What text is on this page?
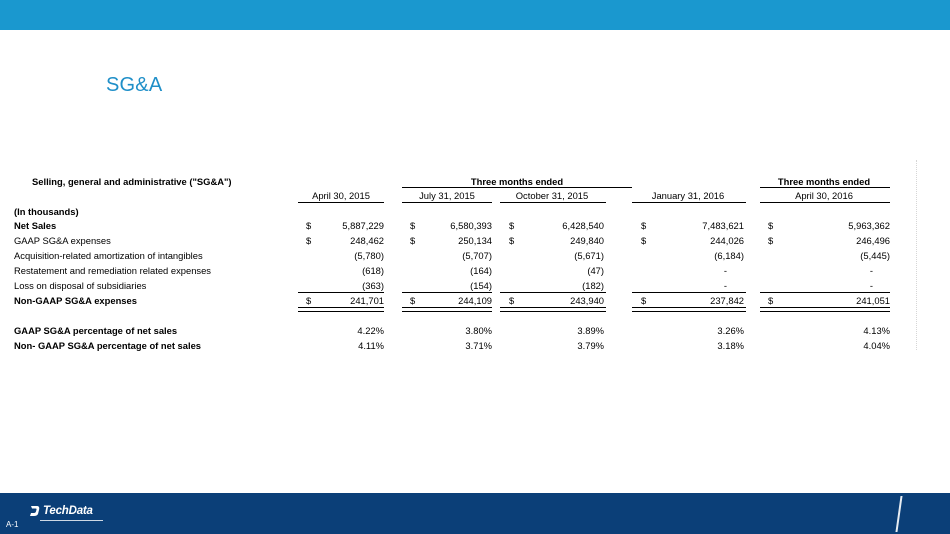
SG&A
Selling, general and administrative ("SG&A")	Three months ended	Three months ended
April 30, 2015	July 31, 2015	October 31, 2015	January 31, 2016	April 30, 2016
(In thousands)
Net Sales	$	5,887,229	$	6,580,393 $	6,428,540	$	7,483,621	$	5,963,362
GAAP SG&A expenses	$	248,462	$	250,134 $	249,840	$	244,026	$	246,496
Acquisition-related amortization of intangibles	(5,780)	(5,707)	(5,671)	(6,184)	(5,445)
Restatement and remediation related expenses	(618)	(164)	(47)	-	-
Loss on disposal of subsidiaries	(363)	(154)	(182)	-	-
Non-GAAP SG&A expenses	$	241,701	$	244,109 $	243,940	$	237,842	$	241,051
GAAP SG&A percentage of net sales	4.22%	3.80%	3.89%	3.26%	4.13%
Non- GAAP SG&A percentage of net sales	4.11%	3.71%	3.79%	3.18%	4.04%
TechData
A-1
